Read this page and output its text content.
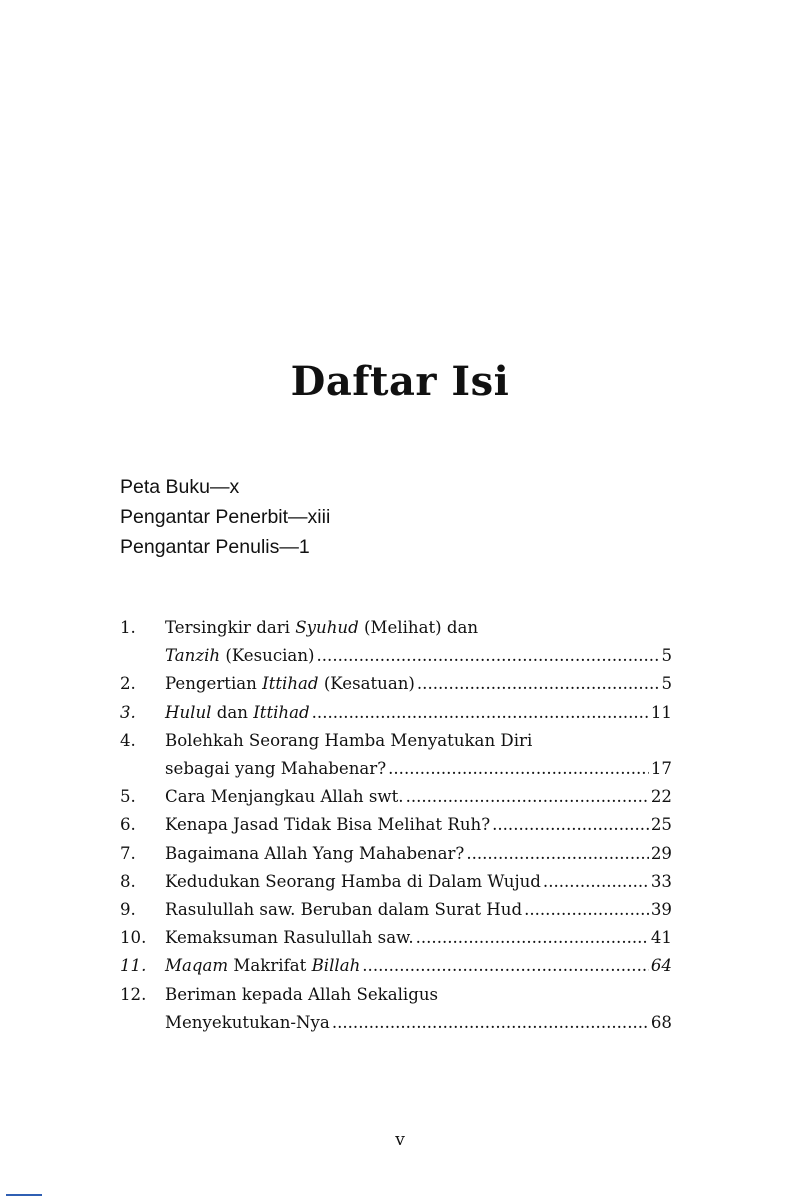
Daftar Isi
Peta Buku—x
Pengantar Penerbit—xiii
Pengantar Penulis—1
1.	Tersingkir dari Syuhud (Melihat) dan
Tanzih (Kesucian) .....	5
2.	Pengertian Ittihad (Kesatuan) .....	5
3.	Hulul dan Ittihad .....	11
4.	Bolehkah Seorang Hamba Menyatukan Diri
sebagai yang Mahabenar? .....	17
5.	Cara Menjangkau Allah swt. .....	22
6.	Kenapa Jasad Tidak Bisa Melihat Ruh? .....	25
7.	Bagaimana Allah Yang Mahabenar? .....	29
8.	Kedudukan Seorang Hamba di Dalam Wujud .....	33
9.	Rasulullah saw. Beruban dalam Surat Hud .....	39
10.	Kemaksuman Rasulullah saw. .....	41
11.	Maqam Makrifat Billah .....	64
12.	Beriman kepada Allah Sekaligus
Menyekutukan-Nya .....	68
v
